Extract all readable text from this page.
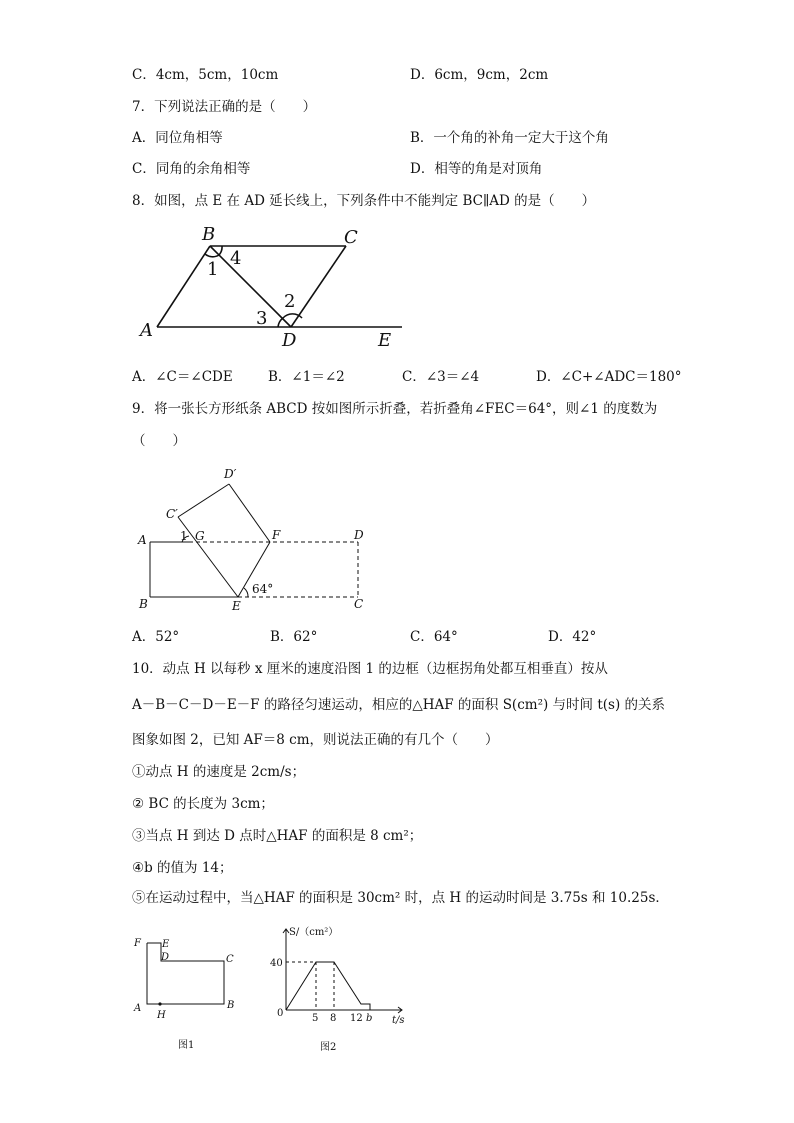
C．4cm，5cm，10cm	D．6cm，9cm，2cm
7．下列说法正确的是（　　）
A．同位角相等	B．一个角的补角一定大于这个角
C．同角的余角相等	D．相等的角是对顶角
8．如图，点 E 在 AD 延长线上，下列条件中不能判定 BC∥AD 的是（　　）
B	C
A	D	E
1
4
2
3
A．∠C＝∠CDE	B．∠1＝∠2	C．∠3＝∠4	D．∠C+∠ADC＝180°
9．将一张长方形纸条 ABCD 按如图所示折叠，若折叠角∠FEC＝64°，则∠1 的度数为
（　　）
D′
C′
A	1 G	F	D
B	E	C
64°
A．52°	B．62°	C．64°	D．42°
10．动点 H 以每秒 x 厘米的速度沿图 1 的边框（边框拐角处都互相垂直）按从
A－B－C－D－E－F 的路径匀速运动，相应的△HAF 的面积 S(cm²) 与时间 t(s) 的关系
图象如图 2，已知 AF＝8 cm，则说法正确的有几个（　　）
①动点 H 的速度是 2cm/s；
② BC 的长度为 3cm；
③当点 H 到达 D 点时△HAF 的面积是 8 cm²；
④b 的值为 14；
⑤在运动过程中，当△HAF 的面积是 30cm² 时，点 H 的运动时间是 3.75s 和 10.25s．
F E
D	C
A
H
B
图1
S/（cm²）
t/s
40
0	5 8 12 b
图2
